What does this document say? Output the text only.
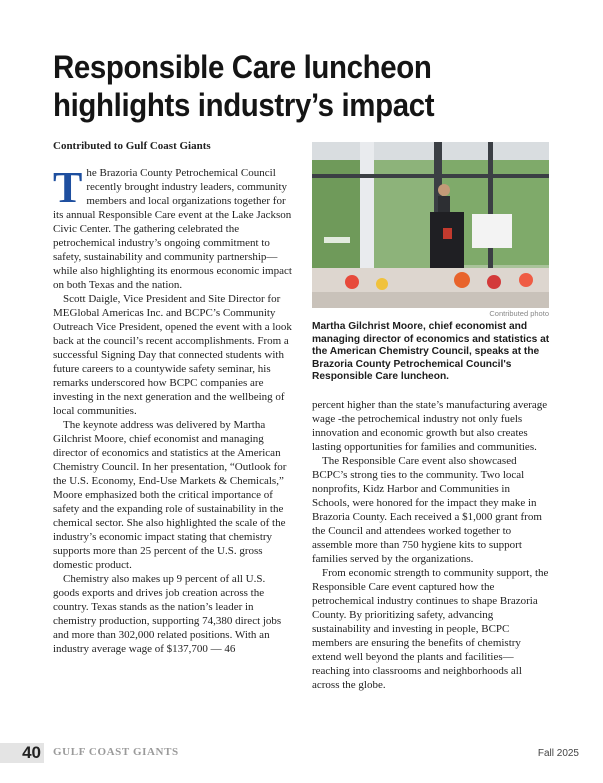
Responsible Care luncheon highlights industry’s impact

Contributed to Gulf Coast Giants

The Brazoria County Petrochemical Council recently brought industry leaders, community members and local organizations together for its annual Responsible Care event at the Lake Jackson Civic Center. The gathering celebrated the petrochemical industry’s ongoing commitment to safety, sustainability and community partnership—while also highlighting its enormous economic impact on both Texas and the nation.

Scott Daigle, Vice President and Site Director for MEGlobal Americas Inc. and BCPC’s Community Outreach Vice President, opened the event with a look back at the council’s recent accomplishments. From a successful Signing Day that connected students with future careers to a countywide safety seminar, his remarks underscored how BCPC companies are investing in the next generation and the wellbeing of local communities.

The keynote address was delivered by Martha Gilchrist Moore, chief economist and managing director of economics and statistics at the American Chemistry Council. In her presentation, “Outlook for the U.S. Economy, End-Use Markets & Chemicals,” Moore emphasized both the critical importance of safety and the expanding role of sustainability in the chemical sector. She also highlighted the scale of the industry’s economic impact stating that chemistry supports more than 25 percent of the U.S. gross domestic product.

Chemistry also makes up 9 percent of all U.S. goods exports and drives job creation across the country. Texas stands as the nation’s leader in chemistry production, supporting 74,380 direct jobs and more than 302,000 related positions. With an industry average wage of $137,700 — 46

Contributed photo

Martha Gilchrist Moore, chief economist and managing director of economics and statistics at the American Chemistry Council, speaks at the Brazoria County Petrochemical Council's Responsible Care luncheon.

percent higher than the state’s manufacturing average wage -the petrochemical industry not only fuels innovation and economic growth but also creates lasting opportunities for families and communities.

The Responsible Care event also showcased BCPC’s strong ties to the community. Two local nonprofits, Kidz Harbor and Communities in Schools, were honored for the impact they make in Brazoria County. Each received a $1,000 grant from the Council and attendees worked together to assemble more than 750 hygiene kits to support families served by the organizations.

From economic strength to community support, the Responsible Care event captured how the petrochemical industry continues to shape Brazoria County. By prioritizing safety, advancing sustainability and investing in people, BCPC members are ensuring the benefits of chemistry extend well beyond the plants and facilities—reaching into classrooms and neighborhoods all across the globe.

40 GULF COAST GIANTS	Fall 2025
